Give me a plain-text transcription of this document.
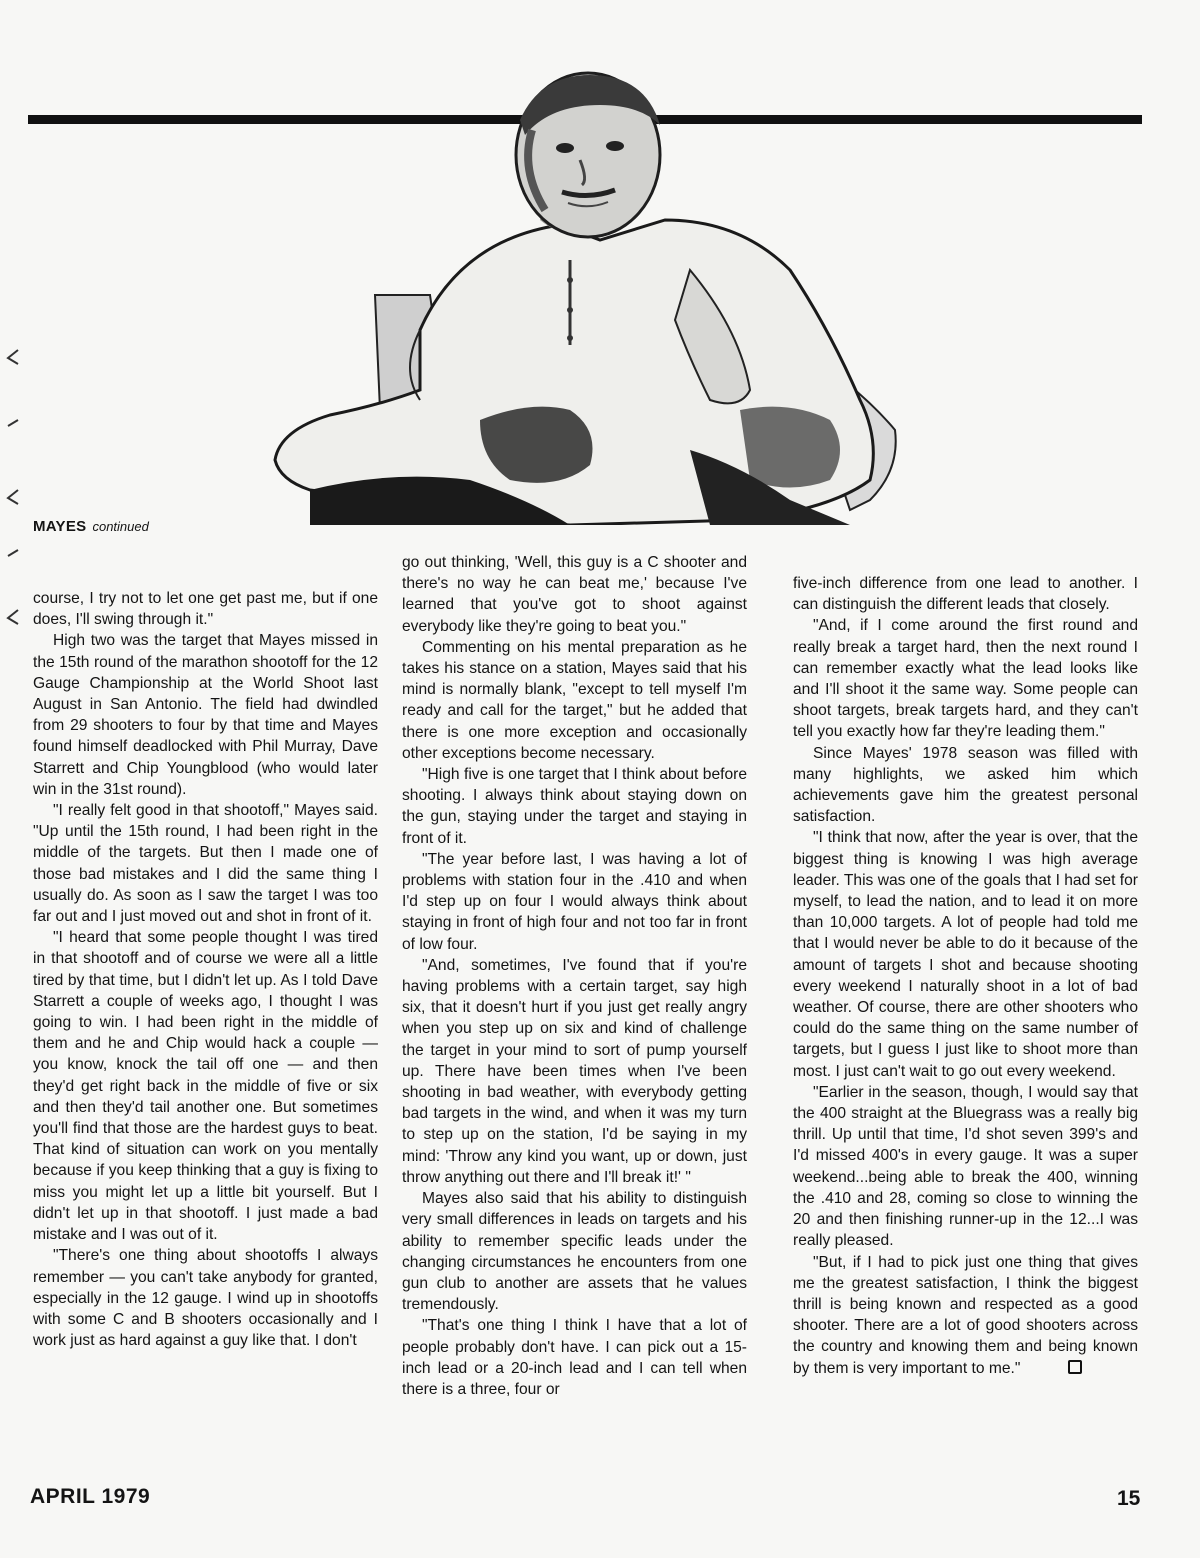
MAYES continued

course, I try not to let one get past me, but if one does, I'll swing through it."

High two was the target that Mayes missed in the 15th round of the marathon shootoff for the 12 Gauge Championship at the World Shoot last August in San Antonio. The field had dwindled from 29 shooters to four by that time and Mayes found himself deadlocked with Phil Murray, Dave Starrett and Chip Youngblood (who would later win in the 31st round).

"I really felt good in that shootoff," Mayes said. "Up until the 15th round, I had been right in the middle of the targets. But then I made one of those bad mistakes and I did the same thing I usually do. As soon as I saw the target I was too far out and I just moved out and shot in front of it.

"I heard that some people thought I was tired in that shootoff and of course we were all a little tired by that time, but I didn't let up. As I told Dave Starrett a couple of weeks ago, I thought I was going to win. I had been right in the middle of them and he and Chip would hack a couple — you know, knock the tail off one — and then they'd get right back in the middle of five or six and then they'd tail another one. But sometimes you'll find that those are the hardest guys to beat. That kind of situation can work on you mentally because if you keep thinking that a guy is fixing to miss you might let up a little bit yourself. But I didn't let up in that shootoff. I just made a bad mistake and I was out of it.

"There's one thing about shootoffs I always remember — you can't take anybody for granted, especially in the 12 gauge. I wind up in shootoffs with some C and B shooters occasionally and I work just as hard against a guy like that. I don't

go out thinking, 'Well, this guy is a C shooter and there's no way he can beat me,' because I've learned that you've got to shoot against everybody like they're going to beat you."

Commenting on his mental preparation as he takes his stance on a station, Mayes said that his mind is normally blank, "except to tell myself I'm ready and call for the target," but he added that there is one more exception and occasionally other exceptions become necessary.

"High five is one target that I think about before shooting. I always think about staying down on the gun, staying under the target and staying in front of it.

"The year before last, I was having a lot of problems with station four in the .410 and when I'd step up on four I would always think about staying in front of high four and not too far in front of low four.

"And, sometimes, I've found that if you're having problems with a certain target, say high six, that it doesn't hurt if you just get really angry when you step up on six and kind of challenge the target in your mind to sort of pump yourself up. There have been times when I've been shooting in bad weather, with everybody getting bad targets in the wind, and when it was my turn to step up on the station, I'd be saying in my mind: 'Throw any kind you want, up or down, just throw anything out there and I'll break it!' "

Mayes also said that his ability to distinguish very small differences in leads on targets and his ability to remember specific leads under the changing circumstances he encounters from one gun club to another are assets that he values tremendously.

"That's one thing I think I have that a lot of people probably don't have. I can pick out a 15-inch lead or a 20-inch lead and I can tell when there is a three, four or

five-inch difference from one lead to another. I can distinguish the different leads that closely.

"And, if I come around the first round and really break a target hard, then the next round I can remember exactly what the lead looks like and I'll shoot it the same way. Some people can shoot targets, break targets hard, and they can't tell you exactly how far they're leading them."

Since Mayes' 1978 season was filled with many highlights, we asked him which achievements gave him the greatest personal satisfaction.

"I think that now, after the year is over, that the biggest thing is knowing I was high average leader. This was one of the goals that I had set for myself, to lead the nation, and to lead it on more than 10,000 targets. A lot of people had told me that I would never be able to do it because of the amount of targets I shot and because shooting every weekend I naturally shoot in a lot of bad weather. Of course, there are other shooters who could do the same thing on the same number of targets, but I guess I just like to shoot more than most. I just can't wait to go out every weekend.

"Earlier in the season, though, I would say that the 400 straight at the Bluegrass was a really big thrill. Up until that time, I'd shot seven 399's and I'd missed 400's in every gauge. It was a super weekend...being able to break the 400, winning the .410 and 28, coming so close to winning the 20 and then finishing runner-up in the 12...I was really pleased.

"But, if I had to pick just one thing that gives me the greatest satisfaction, I think the biggest thrill is being known and respected as a good shooter. There are a lot of good shooters across the country and knowing them and being known by them is very important to me."

APRIL 1979	15
